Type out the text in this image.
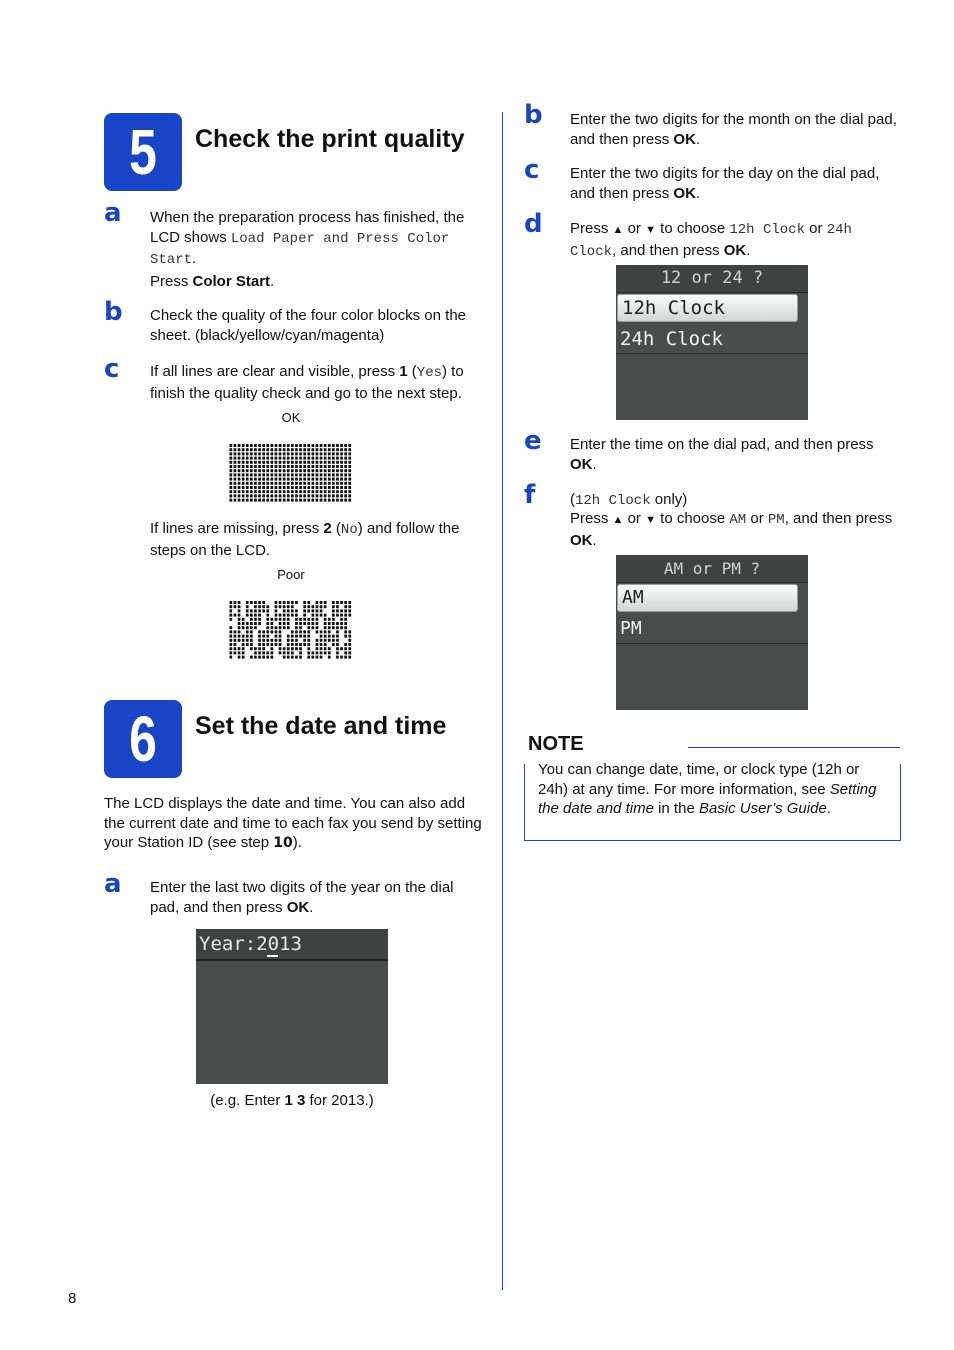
5	Check the print quality
a When the preparation process has finished, the LCD shows Load Paper and Press Color Start.
Press Color Start.
b Check the quality of the four color blocks on the sheet. (black/yellow/cyan/magenta)
c If all lines are clear and visible, press 1 (Yes) to finish the quality check and go to the next step.
OK
If lines are missing, press 2 (No) and follow the steps on the LCD.
Poor
6	Set the date and time
The LCD displays the date and time. You can also add the current date and time to each fax you send by setting your Station ID (see step 10).
a Enter the last two digits of the year on the dial pad, and then press OK.
Year:2013
(e.g. Enter 1 3 for 2013.)
8
b Enter the two digits for the month on the dial pad, and then press OK.
c Enter the two digits for the day on the dial pad, and then press OK.
d Press ▲ or ▼ to choose 12h Clock or 24h Clock, and then press OK.
12 or 24 ?
12h Clock
24h Clock
e Enter the time on the dial pad, and then press OK.
f (12h Clock only)
Press ▲ or ▼ to choose AM or PM, and then press OK.
AM or PM ?
AM
PM
NOTE
You can change date, time, or clock type (12h or 24h) at any time. For more information, see Setting the date and time in the Basic User’s Guide.
